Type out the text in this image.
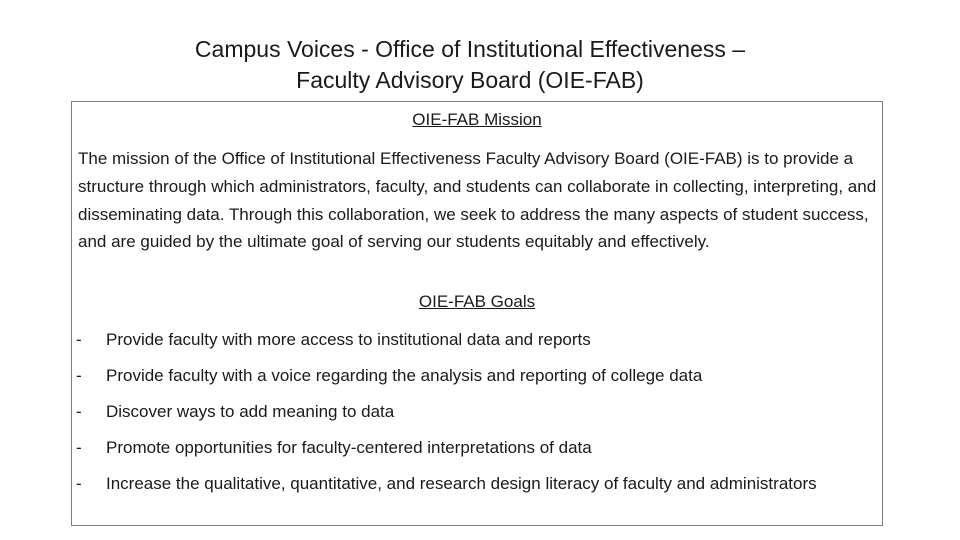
Campus Voices - Office of Institutional Effectiveness –
Faculty Advisory Board (OIE-FAB)
OIE-FAB Mission

The mission of the Office of Institutional Effectiveness Faculty Advisory Board (OIE-FAB) is to provide a structure through which administrators, faculty, and students can collaborate in collecting, interpreting, and disseminating data. Through this collaboration, we seek to address the many aspects of student success, and are guided by the ultimate goal of serving our students equitably and effectively.

OIE-FAB Goals
- Provide faculty with more access to institutional data and reports
- Provide faculty with a voice regarding the analysis and reporting of college data
- Discover ways to add meaning to data
- Promote opportunities for faculty-centered interpretations of data
- Increase the qualitative, quantitative, and research design literacy of faculty and administrators
